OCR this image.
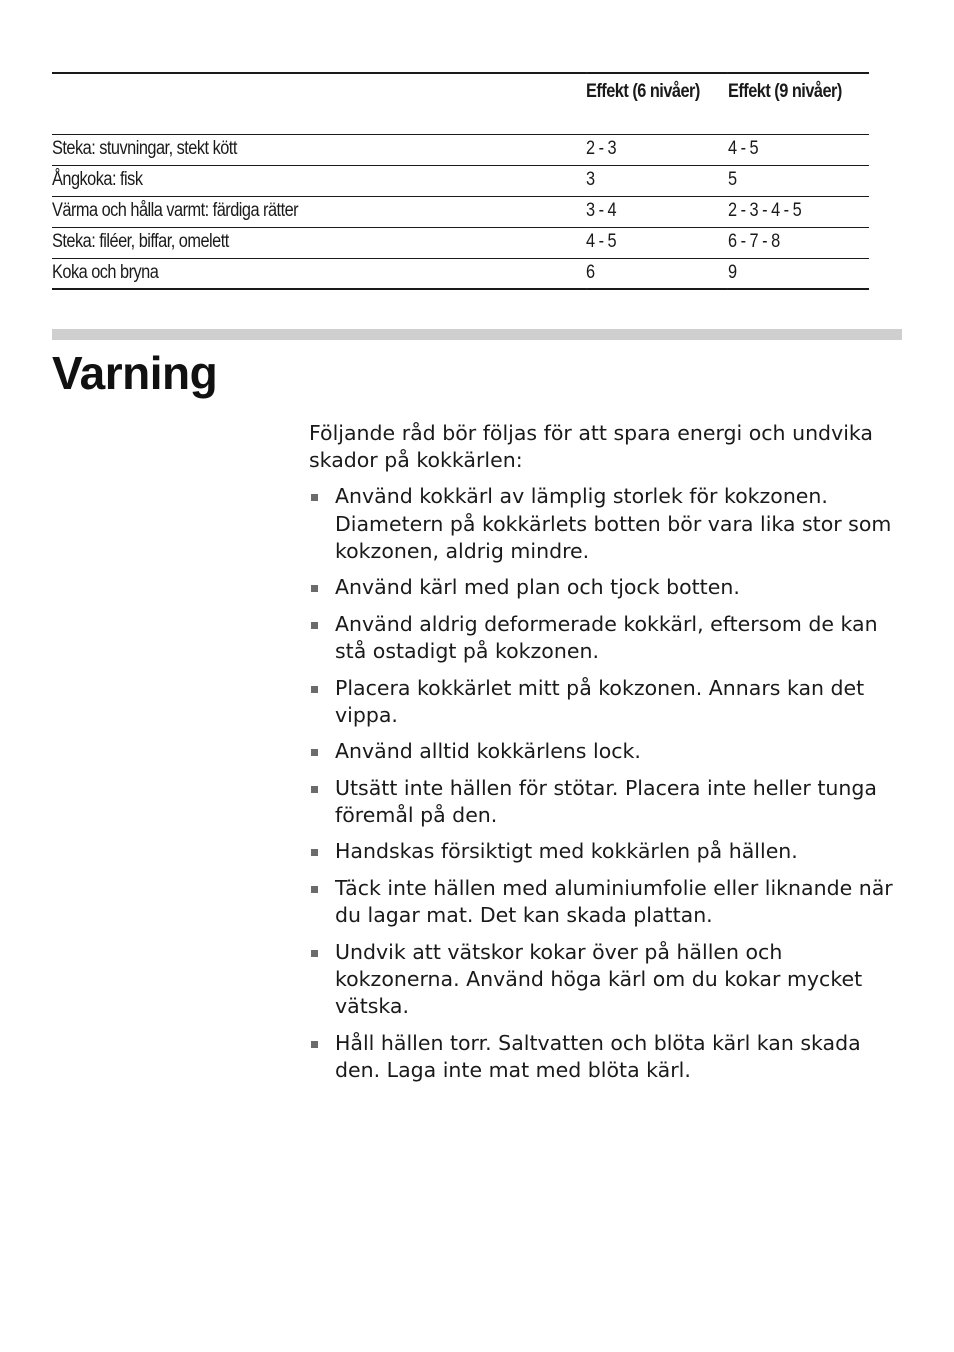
	Effekt (6 nivåer)	Effekt (9 nivåer)
Steka: stuvningar, stekt kött	2 - 3	4 - 5
Ångkoka: fisk	3	5
Värma och hålla varmt: färdiga rätter	3 - 4	2 - 3 - 4 - 5
Steka: filéer, biffar, omelett	4 - 5	6 - 7 - 8
Koka och bryna	6	9
Varning

Följande råd bör följas för att spara energi och undvika skador på kokkärlen:

Använd kokkärl av lämplig storlek för kokzonen. Diametern på kokkärlets botten bör vara lika stor som kokzonen, aldrig mindre.
Använd kärl med plan och tjock botten.
Använd aldrig deformerade kokkärl, eftersom de kan stå ostadigt på kokzonen.
Placera kokkärlet mitt på kokzonen. Annars kan det vippa.
Använd alltid kokkärlens lock.
Utsätt inte hällen för stötar. Placera inte heller tunga föremål på den.
Handskas försiktigt med kokkärlen på hällen.
Täck inte hällen med aluminiumfolie eller liknande när du lagar mat. Det kan skada plattan.
Undvik att vätskor kokar över på hällen och kokzonerna. Använd höga kärl om du kokar mycket vätska.
Håll hällen torr. Saltvatten och blöta kärl kan skada den. Laga inte mat med blöta kärl.
